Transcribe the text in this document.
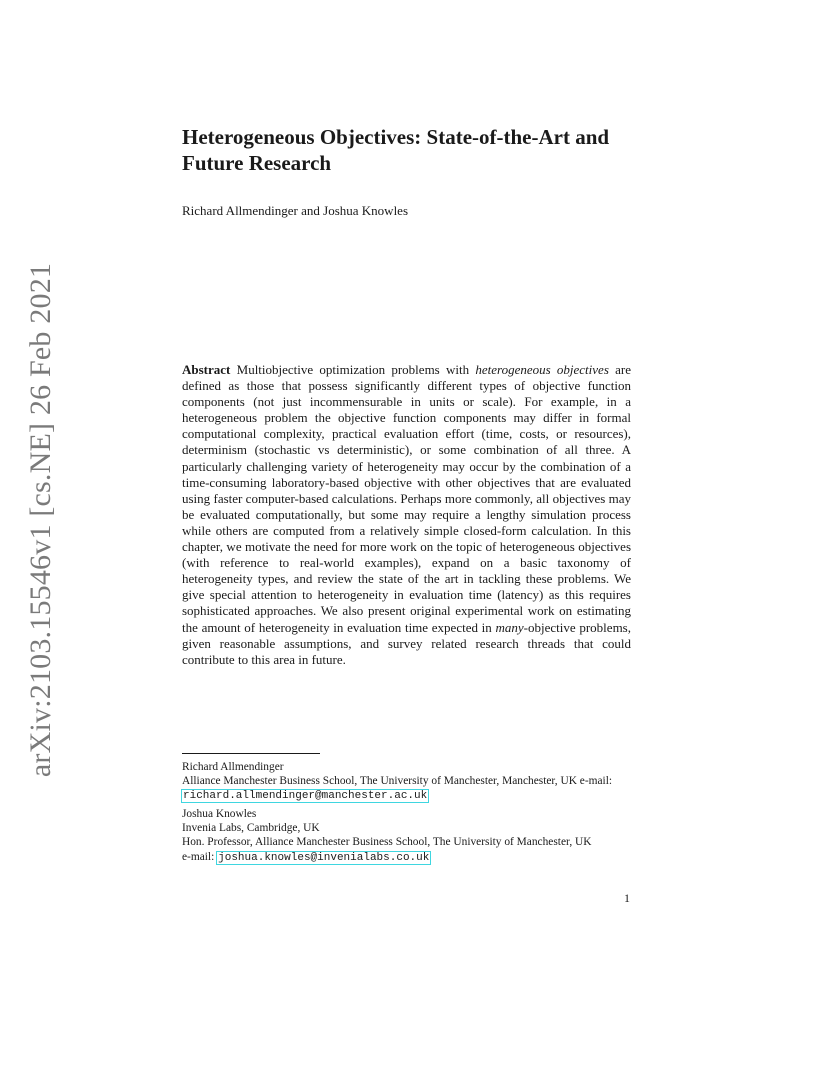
arXiv:2103.15546v1 [cs.NE] 26 Feb 2021
Heterogeneous Objectives: State-of-the-Art and Future Research
Richard Allmendinger and Joshua Knowles

Abstract Multiobjective optimization problems with heterogeneous objectives are defined as those that possess significantly different types of objective function components (not just incommensurable in units or scale). For example, in a heterogeneous problem the objective function components may differ in formal computational complexity, practical evaluation effort (time, costs, or resources), determinism (stochastic vs deterministic), or some combination of all three. A particularly challenging variety of heterogeneity may occur by the combination of a time-consuming laboratory-based objective with other objectives that are evaluated using faster computer-based calculations. Perhaps more commonly, all objectives may be evaluated computationally, but some may require a lengthy simulation process while others are computed from a relatively simple closed-form calculation. In this chapter, we motivate the need for more work on the topic of heterogeneous objectives (with reference to real-world examples), expand on a basic taxonomy of heterogeneity types, and review the state of the art in tackling these problems. We give special attention to heterogeneity in evaluation time (latency) as this requires sophisticated approaches. We also present original experimental work on estimating the amount of heterogeneity in evaluation time expected in many-objective problems, given reasonable assumptions, and survey related research threads that could contribute to this area in future.

Richard Allmendinger
Alliance Manchester Business School, The University of Manchester, Manchester, UK e-mail:
richard.allmendinger@manchester.ac.uk
Joshua Knowles
Invenia Labs, Cambridge, UK
Hon. Professor, Alliance Manchester Business School, The University of Manchester, UK
e-mail: joshua.knowles@invenialabs.co.uk
1
